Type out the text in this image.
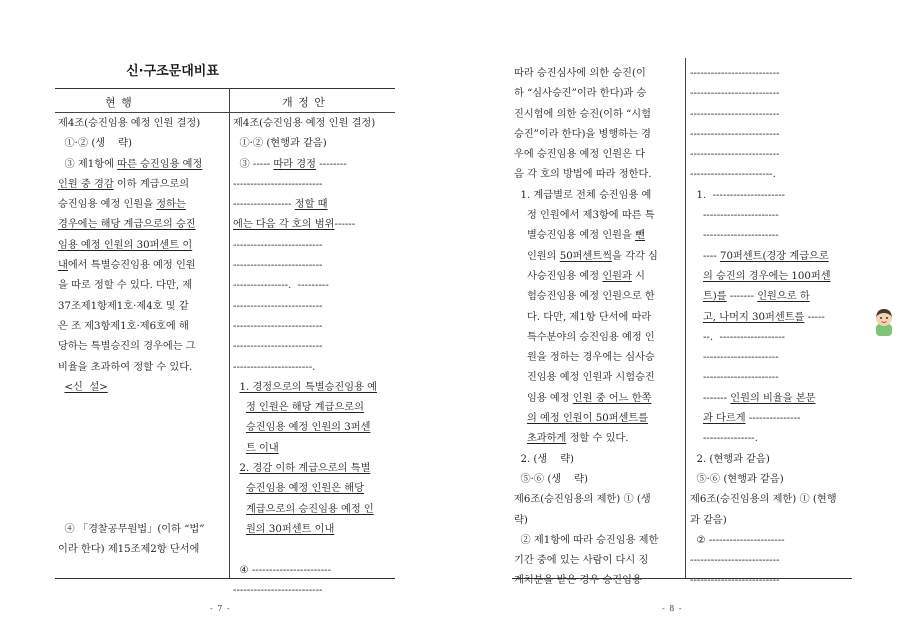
신·구조문대비표
현 행	개 정 안
제4조(승진임용 예정 인원 결정)
①·② (생    략)
③ 제1항에 따른 승진임용 예정
인원 중 경감 이하 계급으로의
승진임용 예정 인원을 정하는
경우에는 해당 계급으로의 승진
임용 예정 인원의 30퍼센트 이
내에서 특별승진임용 예정 인원
을 따로 정할 수 있다. 다만, 제
37조제1항제1호·제4호 및 같
은 조 제3항제1호·제6호에 해
당하는 특별승진의 경우에는 그
비율을 초과하여 정할 수 있다.
<신  설>

④ 「경찰공무원법」(이하 “법”
이라 한다) 제15조제2항 단서에
제4조(승진임용 예정 인원 결정)
①·② (현행과 같음)
③ ----- 따라 경정 --------
--------------------------
----------------- 정할 때
에는 다음 각 호의 범위------
--------------------------
--------------------------
----------------.  ---------
--------------------------
--------------------------
--------------------------
-----------------------.
1. 경정으로의 특별승진임용 예
정 인원은 해당 계급으로의
승진임용 예정 인원의 3퍼센
트 이내
2. 경감 이하 계급으로의 특별
승진임용 예정 인원은 해당
계급으로의 승진임용 예정 인
원의 30퍼센트 이내

④ -----------------------
--------------------------
- 7 -
따라 승진심사에 의한 승진(이
하 “심사승진”이라 한다)과 승
진시험에 의한 승진(이하 “시험
승진”이라 한다)을 병행하는 경
우에 승진임용 예정 인원은 다
음 각 호의 방법에 따라 정한다.
1. 계급별로 전체 승진임용 예
정 인원에서 제3항에 따른 특
별승진임용 예정 인원을 뺀
인원의 50퍼센트씩을 각각 심
사승진임용 예정 인원과 시
험승진임용 예정 인원으로 한
다. 다만, 제1항 단서에 따라
특수분야의 승진임용 예정 인
원을 정하는 경우에는 심사승
진임용 예정 인원과 시험승진
임용 예정 인원 중 어느 한쪽
의 예정 인원이 50퍼센트를
초과하게 정할 수 있다.
2. (생    략)
⑤·⑥ (생    략)
제6조(승진임용의 제한) ① (생
략)
② 제1항에 따라 승진임용 제한
기간 중에 있는 사람이 다시 징
계처분을 받은 경우 승진임용
--------------------------
--------------------------
--------------------------
--------------------------
--------------------------
------------------------.
1.  ---------------------
----------------------
----------------------
---- 70퍼센트(경장 계급으로
의 승진의 경우에는 100퍼센
트)를 ------- 인원으로 하
고, 나머지 30퍼센트를 -----
--.  -------------------
----------------------
----------------------
------- 인원의 비율을 본문
과 다르게 ---------------
---------------.
2. (현행과 같음)
⑤·⑥ (현행과 같음)
제6조(승진임용의 제한) ① (현행
과 같음)
② ----------------------
--------------------------
--------------------------
- 8 -
